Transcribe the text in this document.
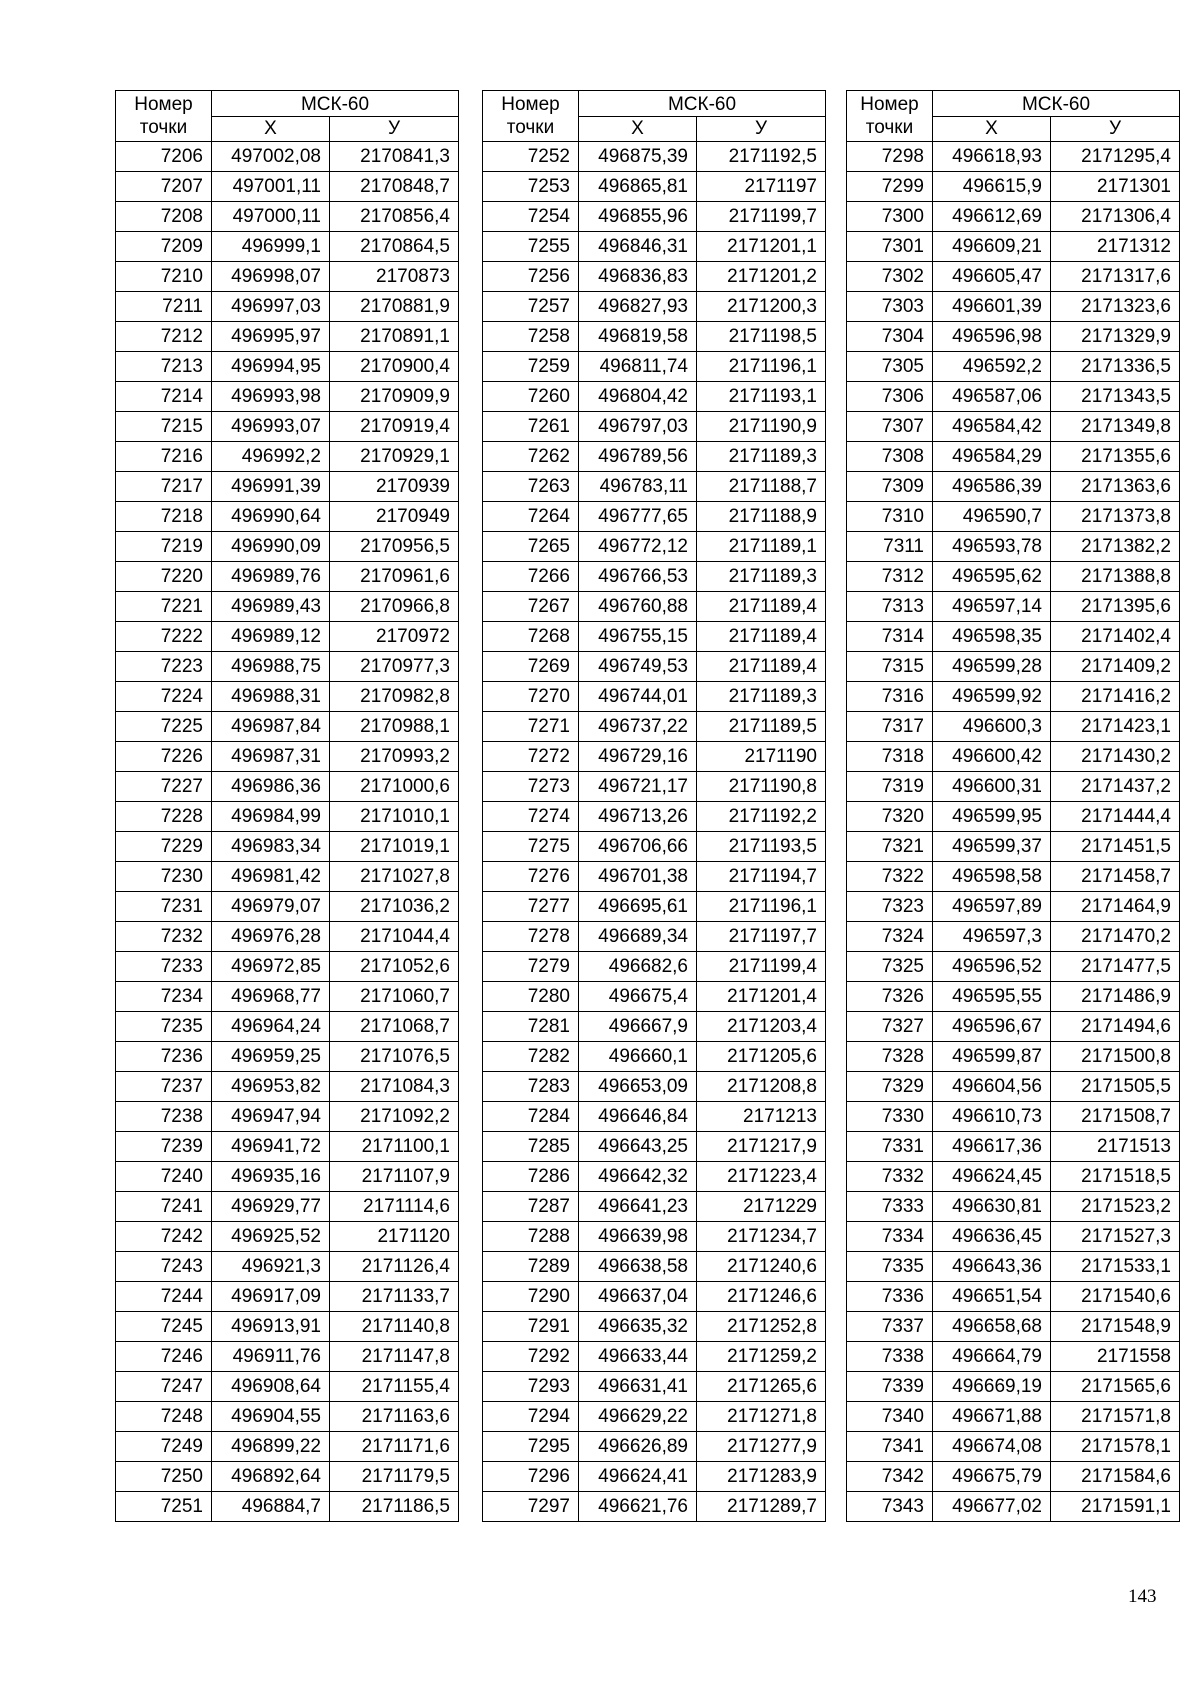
Номер точки	МСК-60	
	X	У
7206	497002,08	2170841,3
7207	497001,11	2170848,7
7208	497000,11	2170856,4
7209	496999,1	2170864,5
7210	496998,07	2170873
7211	496997,03	2170881,9
7212	496995,97	2170891,1
7213	496994,95	2170900,4
7214	496993,98	2170909,9
7215	496993,07	2170919,4
7216	496992,2	2170929,1
7217	496991,39	2170939
7218	496990,64	2170949
7219	496990,09	2170956,5
7220	496989,76	2170961,6
7221	496989,43	2170966,8
7222	496989,12	2170972
7223	496988,75	2170977,3
7224	496988,31	2170982,8
7225	496987,84	2170988,1
7226	496987,31	2170993,2
7227	496986,36	2171000,6
7228	496984,99	2171010,1
7229	496983,34	2171019,1
7230	496981,42	2171027,8
7231	496979,07	2171036,2
7232	496976,28	2171044,4
7233	496972,85	2171052,6
7234	496968,77	2171060,7
7235	496964,24	2171068,7
7236	496959,25	2171076,5
7237	496953,82	2171084,3
7238	496947,94	2171092,2
7239	496941,72	2171100,1
7240	496935,16	2171107,9
7241	496929,77	2171114,6
7242	496925,52	2171120
7243	496921,3	2171126,4
7244	496917,09	2171133,7
7245	496913,91	2171140,8
7246	496911,76	2171147,8
7247	496908,64	2171155,4
7248	496904,55	2171163,6
7249	496899,22	2171171,6
7250	496892,64	2171179,5
7251	496884,7	2171186,5
Номер точки	МСК-60	
	X	У
7252	496875,39	2171192,5
7253	496865,81	2171197
7254	496855,96	2171199,7
7255	496846,31	2171201,1
7256	496836,83	2171201,2
7257	496827,93	2171200,3
7258	496819,58	2171198,5
7259	496811,74	2171196,1
7260	496804,42	2171193,1
7261	496797,03	2171190,9
7262	496789,56	2171189,3
7263	496783,11	2171188,7
7264	496777,65	2171188,9
7265	496772,12	2171189,1
7266	496766,53	2171189,3
7267	496760,88	2171189,4
7268	496755,15	2171189,4
7269	496749,53	2171189,4
7270	496744,01	2171189,3
7271	496737,22	2171189,5
7272	496729,16	2171190
7273	496721,17	2171190,8
7274	496713,26	2171192,2
7275	496706,66	2171193,5
7276	496701,38	2171194,7
7277	496695,61	2171196,1
7278	496689,34	2171197,7
7279	496682,6	2171199,4
7280	496675,4	2171201,4
7281	496667,9	2171203,4
7282	496660,1	2171205,6
7283	496653,09	2171208,8
7284	496646,84	2171213
7285	496643,25	2171217,9
7286	496642,32	2171223,4
7287	496641,23	2171229
7288	496639,98	2171234,7
7289	496638,58	2171240,6
7290	496637,04	2171246,6
7291	496635,32	2171252,8
7292	496633,44	2171259,2
7293	496631,41	2171265,6
7294	496629,22	2171271,8
7295	496626,89	2171277,9
7296	496624,41	2171283,9
7297	496621,76	2171289,7
Номер точки	МСК-60	
	X	У
7298	496618,93	2171295,4
7299	496615,9	2171301
7300	496612,69	2171306,4
7301	496609,21	2171312
7302	496605,47	2171317,6
7303	496601,39	2171323,6
7304	496596,98	2171329,9
7305	496592,2	2171336,5
7306	496587,06	2171343,5
7307	496584,42	2171349,8
7308	496584,29	2171355,6
7309	496586,39	2171363,6
7310	496590,7	2171373,8
7311	496593,78	2171382,2
7312	496595,62	2171388,8
7313	496597,14	2171395,6
7314	496598,35	2171402,4
7315	496599,28	2171409,2
7316	496599,92	2171416,2
7317	496600,3	2171423,1
7318	496600,42	2171430,2
7319	496600,31	2171437,2
7320	496599,95	2171444,4
7321	496599,37	2171451,5
7322	496598,58	2171458,7
7323	496597,89	2171464,9
7324	496597,3	2171470,2
7325	496596,52	2171477,5
7326	496595,55	2171486,9
7327	496596,67	2171494,6
7328	496599,87	2171500,8
7329	496604,56	2171505,5
7330	496610,73	2171508,7
7331	496617,36	2171513
7332	496624,45	2171518,5
7333	496630,81	2171523,2
7334	496636,45	2171527,3
7335	496643,36	2171533,1
7336	496651,54	2171540,6
7337	496658,68	2171548,9
7338	496664,79	2171558
7339	496669,19	2171565,6
7340	496671,88	2171571,8
7341	496674,08	2171578,1
7342	496675,79	2171584,6
7343	496677,02	2171591,1
143
